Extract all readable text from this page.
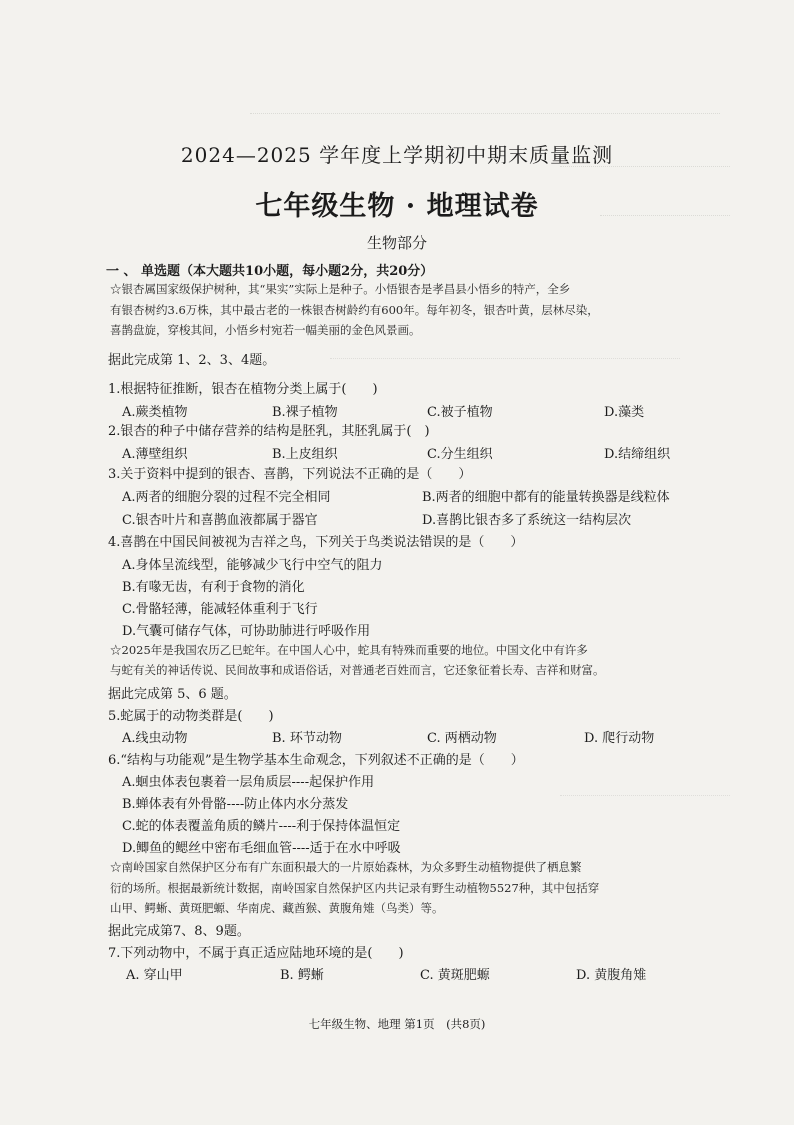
2024—2025 学年度上学期初中期末质量监测
七年级生物 · 地理试卷
生物部分
一 、 单选题（本大题共10小题，每小题2分，共20分）
☆银杏属国家级保护树种，其“果实”实际上是种子。小悟银杏是孝昌县小悟乡的特产，全乡
有银杏树约3.6万株，其中最古老的一株银杏树龄约有600年。每年初冬，银杏叶黄，层林尽染，
喜鹊盘旋，穿梭其间，小悟乡村宛若一幅美丽的金色风景画。
据此完成第 1、2、3、4题。
1.根据特征推断，银杏在植物分类上属于(　　)
A.蕨类植物	B.裸子植物	C.被子植物	D.藻类
2.银杏的种子中储存营养的结构是胚乳，其胚乳属于(　)
A.薄壁组织	B.上皮组织	C.分生组织	D.结缔组织
3.关于资料中提到的银杏、喜鹊，下列说法不正确的是（　　）
A.两者的细胞分裂的过程不完全相同	B.两者的细胞中都有的能量转换器是线粒体
C.银杏叶片和喜鹊血液都属于器官	D.喜鹊比银杏多了系统这一结构层次
4.喜鹊在中国民间被视为吉祥之鸟，下列关于鸟类说法错误的是（　　）
A.身体呈流线型，能够减少飞行中空气的阻力
B.有喙无齿，有利于食物的消化
C.骨骼轻薄，能减轻体重利于飞行
D.气囊可储存气体，可协助肺进行呼吸作用
☆2025年是我国农历乙巳蛇年。在中国人心中，蛇具有特殊而重要的地位。中国文化中有许多
与蛇有关的神话传说、民间故事和成语俗话，对普通老百姓而言，它还象征着长寿、吉祥和财富。
据此完成第 5、6 题。
5.蛇属于的动物类群是(　　)
A.线虫动物	B. 环节动物	C. 两栖动物	D. 爬行动物
6.“结构与功能观”是生物学基本生命观念，下列叙述不正确的是（　　）
A.蛔虫体表包裹着一层角质层----起保护作用
B.蝉体表有外骨骼----防止体内水分蒸发
C.蛇的体表覆盖角质的鳞片----利于保持体温恒定
D.鲫鱼的鳃丝中密布毛细血管----适于在水中呼吸
☆南岭国家自然保护区分布有广东面积最大的一片原始森林，为众多野生动植物提供了栖息繁
衍的场所。根据最新统计数据，南岭国家自然保护区内共记录有野生动植物5527种，其中包括穿
山甲、鳄蜥、黄斑肥螈、华南虎、藏酋猴、黄腹角雉（鸟类）等。
据此完成第7、8、9题。
7.下列动物中，不属于真正适应陆地环境的是(　　)
A. 穿山甲	B. 鳄蜥	C. 黄斑肥螈	D. 黄腹角雉
七年级生物、地理 第1页　(共8页)
